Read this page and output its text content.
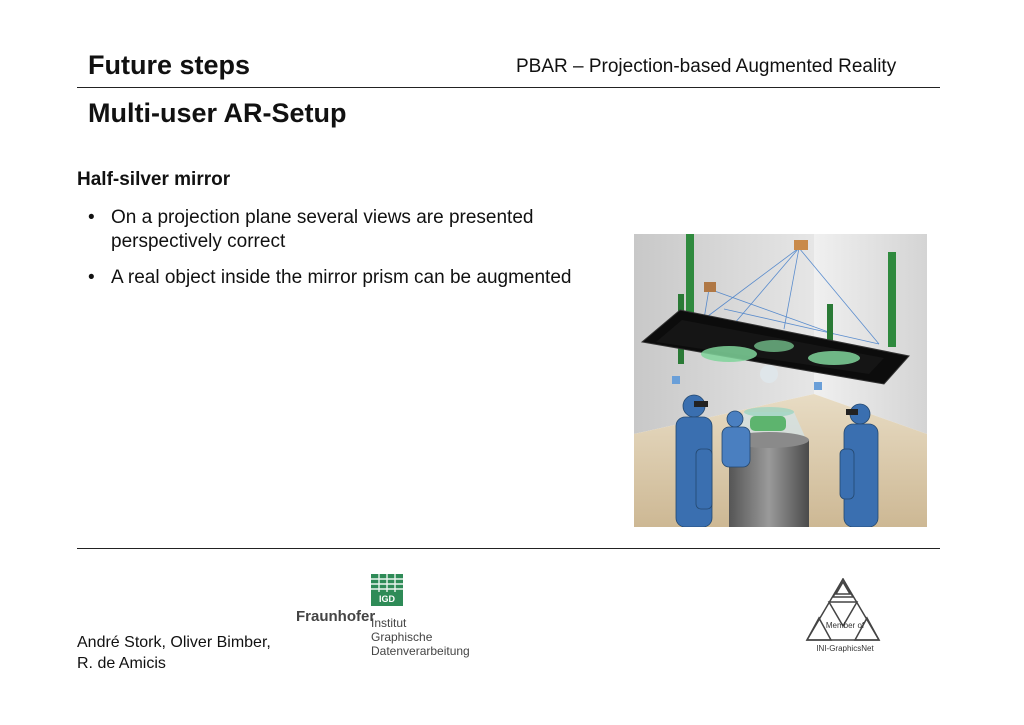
Future steps	PBAR – Projection-based Augmented Reality
Multi-user AR-Setup
Half-silver mirror
• On a projection plane several views are presented perspectively correct
• A real object inside the mirror prism can be augmented
André Stork, Oliver Bimber,
R. de Amicis
Fraunhofer
IGD
Institut
Graphische
Datenverarbeitung
Member of
INI-GraphicsNet
